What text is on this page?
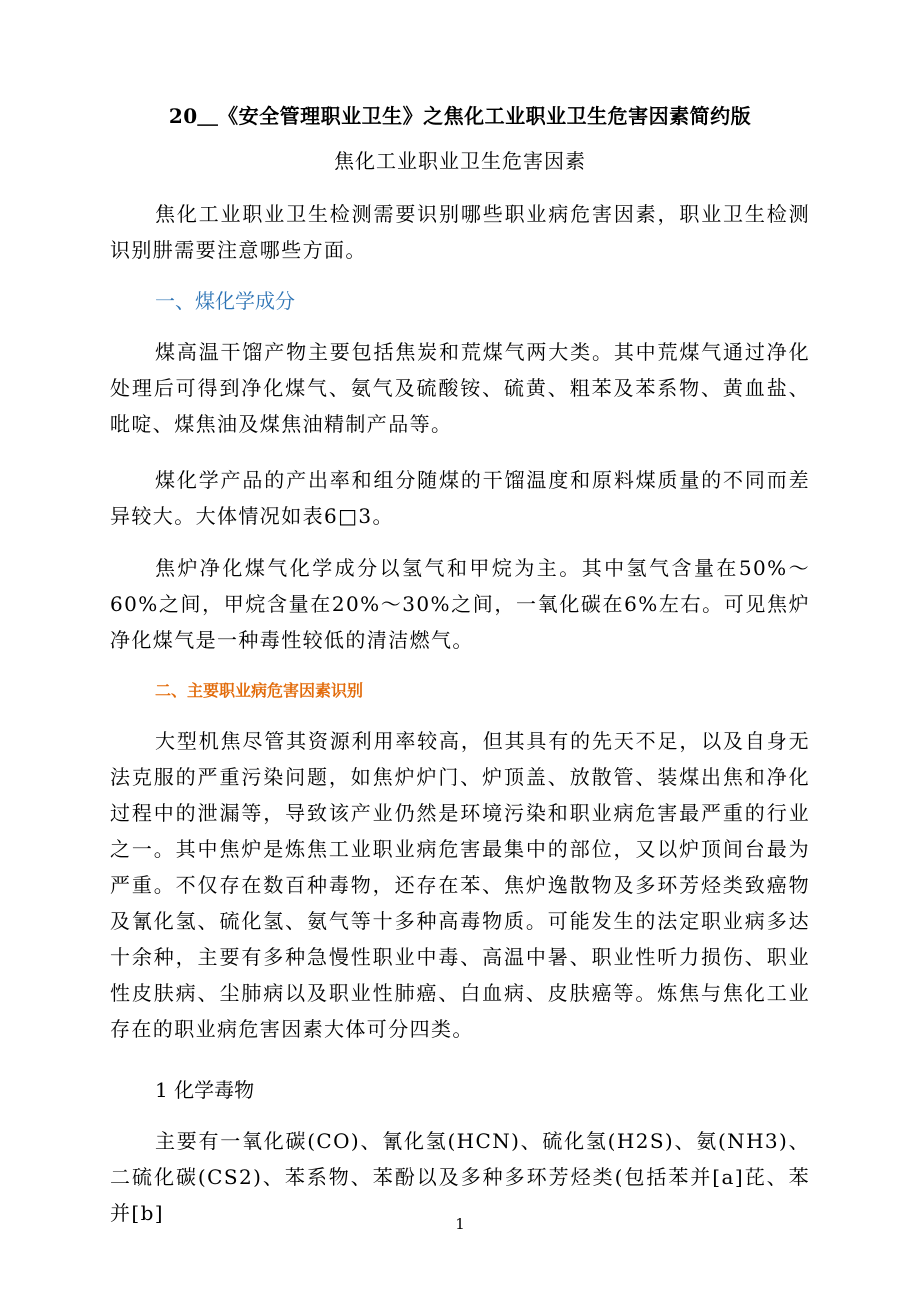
20＿《安全管理职业卫生》之焦化工业职业卫生危害因素简约版
焦化工业职业卫生危害因素

焦化工业职业卫生检测需要识别哪些职业病危害因素，职业卫生检测识别肼需要注意哪些方面。

一、煤化学成分

煤高温干馏产物主要包括焦炭和荒煤气两大类。其中荒煤气通过净化处理后可得到净化煤气、氨气及硫酸铵、硫黄、粗苯及苯系物、黄血盐、吡啶、煤焦油及煤焦油精制产品等。

煤化学产品的产出率和组分随煤的干馏温度和原料煤质量的不同而差异较大。大体情况如表6□3。

焦炉净化煤气化学成分以氢气和甲烷为主。其中氢气含量在50%～60%之间，甲烷含量在20%～30%之间，一氧化碳在6%左右。可见焦炉净化煤气是一种毒性较低的清洁燃气。

二、主要职业病危害因素识别

大型机焦尽管其资源利用率较高，但其具有的先天不足，以及自身无法克服的严重污染问题，如焦炉炉门、炉顶盖、放散管、装煤出焦和净化过程中的泄漏等，导致该产业仍然是环境污染和职业病危害最严重的行业之一。其中焦炉是炼焦工业职业病危害最集中的部位，又以炉顶间台最为严重。不仅存在数百种毒物，还存在苯、焦炉逸散物及多环芳烃类致癌物及氰化氢、硫化氢、氨气等十多种高毒物质。可能发生的法定职业病多达十余种，主要有多种急慢性职业中毒、高温中暑、职业性听力损伤、职业性皮肤病、尘肺病以及职业性肺癌、白血病、皮肤癌等。炼焦与焦化工业存在的职业病危害因素大体可分四类。

1 化学毒物

主要有一氧化碳(CO)、氰化氢(HCN)、硫化氢(H2S)、氨(NH3)、二硫化碳(CS2)、苯系物、苯酚以及多种多环芳烃类(包括苯并[a]芘、苯并[b]	1
